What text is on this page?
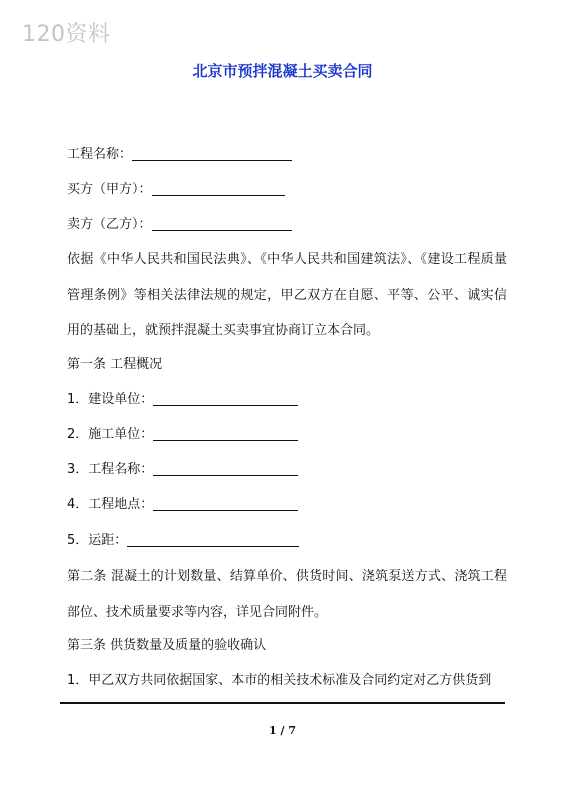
120资料
北京市预拌混凝土买卖合同
工程名称：
买方（甲方）：
卖方（乙方）：
依据《中华人民共和国民法典》、《中华人民共和国建筑法》、《建设工程质量管理条例》等相关法律法规的规定，甲乙双方在自愿、平等、公平、诚实信用的基础上，就预拌混凝土买卖事宜协商订立本合同。
第一条 工程概况
1．建设单位：
2．施工单位：
3．工程名称：
4．工程地点：
5．运距：
第二条 混凝土的计划数量、结算单价、供货时间、浇筑泵送方式、浇筑工程部位、技术质量要求等内容，详见合同附件。
第三条 供货数量及质量的验收确认
1．甲乙双方共同依据国家、本市的相关技术标准及合同约定对乙方供货到
1 / 7
